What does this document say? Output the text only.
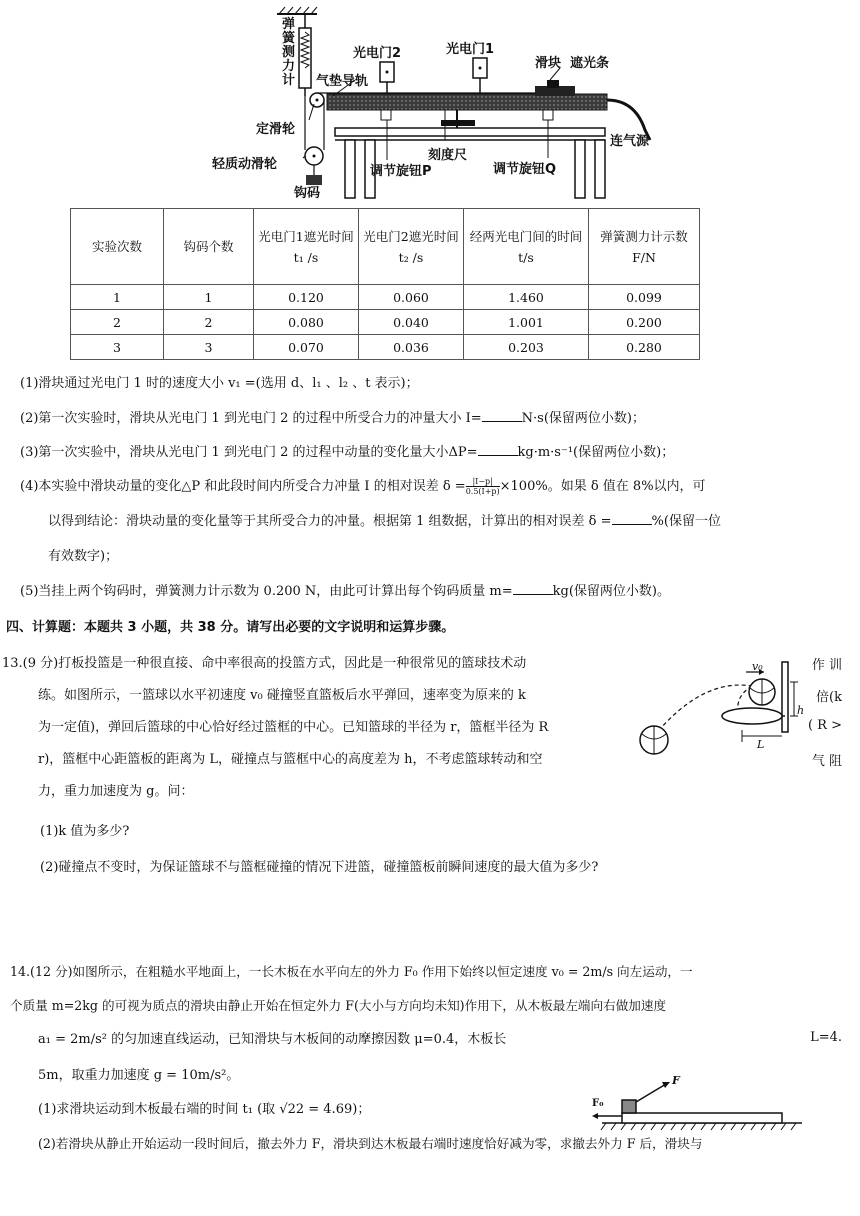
弹簧测力计
光电门2	光电门1
滑块 遮光条
气垫导轨
定滑轮
轻质动滑轮
钩码
刻度尺
调节旋钮P	调节旋钮Q
连气源
实验次数	钩码个数	光电门1遮光时间t₁ /s	光电门2遮光时间t₂ /s	经两光电门间的时间t/s	弹簧测力计示数F/N
1	1	0.120	0.060	1.460	0.099
2	2	0.080	0.040	1.001	0.200
3	3	0.070	0.036	0.203	0.280
(1)滑块通过光电门 1 时的速度大小 v₁ =(选用 d、l₁ 、l₂ 、t 表示)；
(2)第一次实验时，滑块从光电门 1 到光电门 2 的过程中所受合力的冲量大小 I=	N·s(保留两位小数)；
(3)第一次实验中，滑块从光电门 1 到光电门 2 的过程中动量的变化量大小ΔP=	kg·m·s⁻¹(保留两位小数)；
(4)本实验中滑块动量的变化△P 和此段时间内所受合力冲量 I 的相对误差 $\delta = \frac{|I-p|}{0.5(I+p)} \times 100\%$。如果 δ 值在 8%以内，可
以得到结论：滑块动量的变化量等于其所受合力的冲量。根据第 1 组数据，计算出的相对误差 δ =	%(保留一位
有效数字)；
(5)当挂上两个钩码时，弹簧测力计示数为 0.200 N，由此可计算出每个钩码质量 m=	kg(保留两位小数)。
四、计算题：本题共 3 小题，共 38 分。请写出必要的文字说明和运算步骤。
13.(9 分)打板投篮是一种很直接、命中率很高的投篮方式，因此是一种很常见的篮球技术动
练。如图所示，一篮球以水平初速度 v₀ 碰撞竖直篮板后水平弹回，速率变为原来的 k
为一定值)，弹回后篮球的中心恰好经过篮框的中心。已知篮球的半径为 r，篮框半径为 R
r)，篮框中心距篮板的距离为 L，碰撞点与篮框中心的高度差为 h，不考虑篮球转动和空
力，重力加速度为 g。问：
作 训
倍(k
( R >
气 阻
v₀
h
L
(1)k 值为多少?
(2)碰撞点不变时，为保证篮球不与篮框碰撞的情况下进篮，碰撞篮板前瞬间速度的最大值为多少?
14.(12 分)如图所示，在粗糙水平地面上，一长木板在水平向左的外力 F₀ 作用下始终以恒定速度 v₀ = 2m/s 向左运动，一
个质量 m=2kg 的可视为质点的滑块由静止开始在恒定外力 F(大小与方向均未知)作用下，从木板最左端向右做加速度
a₁ = 2m/s² 的匀加速直线运动，已知滑块与木板间的动摩擦因数 μ=0.4，木板长	L=4.
5m，取重力加速度 g = 10m/s²。	F
F₀
(1)求滑块运动到木板最右端的时间 t₁ (取 √22 = 4.69)；
(2)若滑块从静止开始运动一段时间后，撤去外力 F，滑块到达木板最右端时速度恰好减为零，求撤去外力 F 后，滑块与
